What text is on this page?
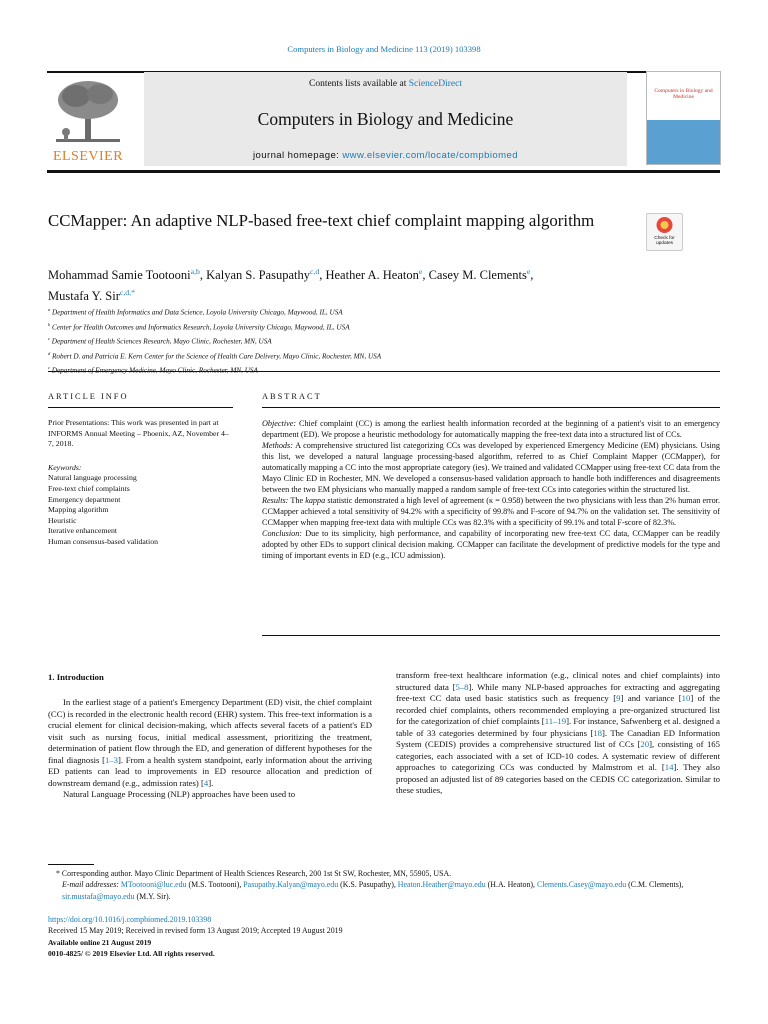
Computers in Biology and Medicine 113 (2019) 103398
ELSEVIER
Contents lists available at ScienceDirect
Computers in Biology and Medicine
journal homepage: www.elsevier.com/locate/compbiomed
Computers in Biology and Medicine
CCMapper: An adaptive NLP-based free-text chief complaint mapping algorithm
Check for updates
Mohammad Samie Tootooni$^{a,b}$, Kalyan S. Pasupathy$^{c,d}$, Heather A. Heaton$^e$, Casey M. Clements$^e$,
Mustafa Y. Sir$^{c,d,*}$
$^a$ Department of Health Informatics and Data Science, Loyola University Chicago, Maywood, IL, USA
$^b$ Center for Health Outcomes and Informatics Research, Loyola University Chicago, Maywood, IL, USA
$^c$ Department of Health Sciences Research, Mayo Clinic, Rochester, MN, USA
$^d$ Robert D. and Patricia E. Kern Center for the Science of Health Care Delivery, Mayo Clinic, Rochester, MN, USA
$^e$
ARTICLE INFO	ABSTRACT
Prior Presentations: This work was presented in part at INFORMS Annual Meeting – Phoenix, AZ, November 4–7, 2018.
Keywords:
Natural language processing
Free-text chief complaints
Emergency department
Mapping algorithm
Heuristic
Iterative enhancement
Human consensus-based validation
Objective: Chief complaint (CC) is among the earliest health information recorded at the beginning of a patient's visit to an emergency department (ED). We propose a heuristic methodology for automatically mapping the free-text data into a structured list of CCs.
Methods: A comprehensive structured list categorizing CCs was developed by experienced Emergency Medicine (EM) physicians. Using this list, we developed a natural language processing-based algorithm, referred to as Chief Complaint Mapper (CCMapper), for automatically mapping a CC into the most appropriate category (ies). We trained and validated CCMapper using free-text CC data from the Mayo Clinic ED in Rochester, MN. We developed a consensus-based validation approach to handle both indifferences and disagreements between the two EM physicians who manually mapped a random sample of free-text CCs into categories within the structured list.
Results: The kappa statistic demonstrated a high level of agreement (κ = 0.958) between the two physicians with less than 2% human error. CCMapper achieved a total sensitivity of 94.2% with a specificity of 99.8% and F-score of 94.7% on the validation set. The sensitivity of CCMapper when mapping free-text data with multiple CCs was 82.3% with a specificity of 99.1% and total F-score of 82.3%.
Conclusion: Due to its simplicity, high performance, and capability of incorporating new free-text CC data, CCMapper can be readily adopted by other EDs to support clinical decision making. CCMapper can facilitate the development of predictive models for the type and timing of important events in ED (e.g., ICU admission).
1. Introduction

In the earliest stage of a patient's Emergency Department (ED) visit, the chief complaint (CC) is recorded in the electronic health record (EHR) system. This free-text information is a crucial element for clinical decision-making, which affects several facets of a patient's ED visit such as nursing focus, initial medical assessment, prioritizing the treatment, determination of patient flow through the ED, and generation of different hypotheses for the final diagnosis [1–3]. From a health system standpoint, early information about the arriving ED patients can lead to improvements in ED resource allocation and prediction of downstream demand (e.g., admission rates) [4].

Natural Language Processing (NLP) approaches have been used to

transform free-text healthcare information (e.g., clinical notes and chief complaints) into structured data [5–8]. While many NLP-based approaches for extracting and aggregating free-text CC data used basic statistics such as frequency [9] and variance [10] of the recorded chief complaints, others recommended employing a pre-organized structured list for the categorization of chief complaints [11–19]. For instance, Safwenberg et al. designed a table of 33 categories determined by four physicians [18]. The Canadian ED Information System (CEDIS) provides a comprehensive structured list of CCs [20], consisting of 165 categories, each associated with a set of ICD-10 codes. A systematic review of different approaches to categorizing CCs was conducted by Malmstrom et al. [14]. They also proposed an adjusted list of 89 categories based on the CEDIS CC categorization. Similar to these studies,

* Corresponding author. Mayo Clinic Department of Health Sciences Research, 200 1st St SW, Rochester, MN, 55905, USA.
E-mail addresses: MTootooni@luc.edu (M.S. Tootooni), Pasupathy.Kalyan@mayo.edu (K.S. Pasupathy), Heaton.Heather@mayo.edu (H.A. Heaton), Clements.Casey@mayo.edu (C.M. Clements), sir.mustafa@mayo.edu (M.Y. Sir).
https://doi.org/10.1016/j.compbiomed.2019.103398
Received 15 May 2019; Received in revised form 13 August 2019; Accepted 19 August 2019
Available online 21 August 2019
0010-4825/ © 2019 Elsevier Ltd. All rights reserved.
